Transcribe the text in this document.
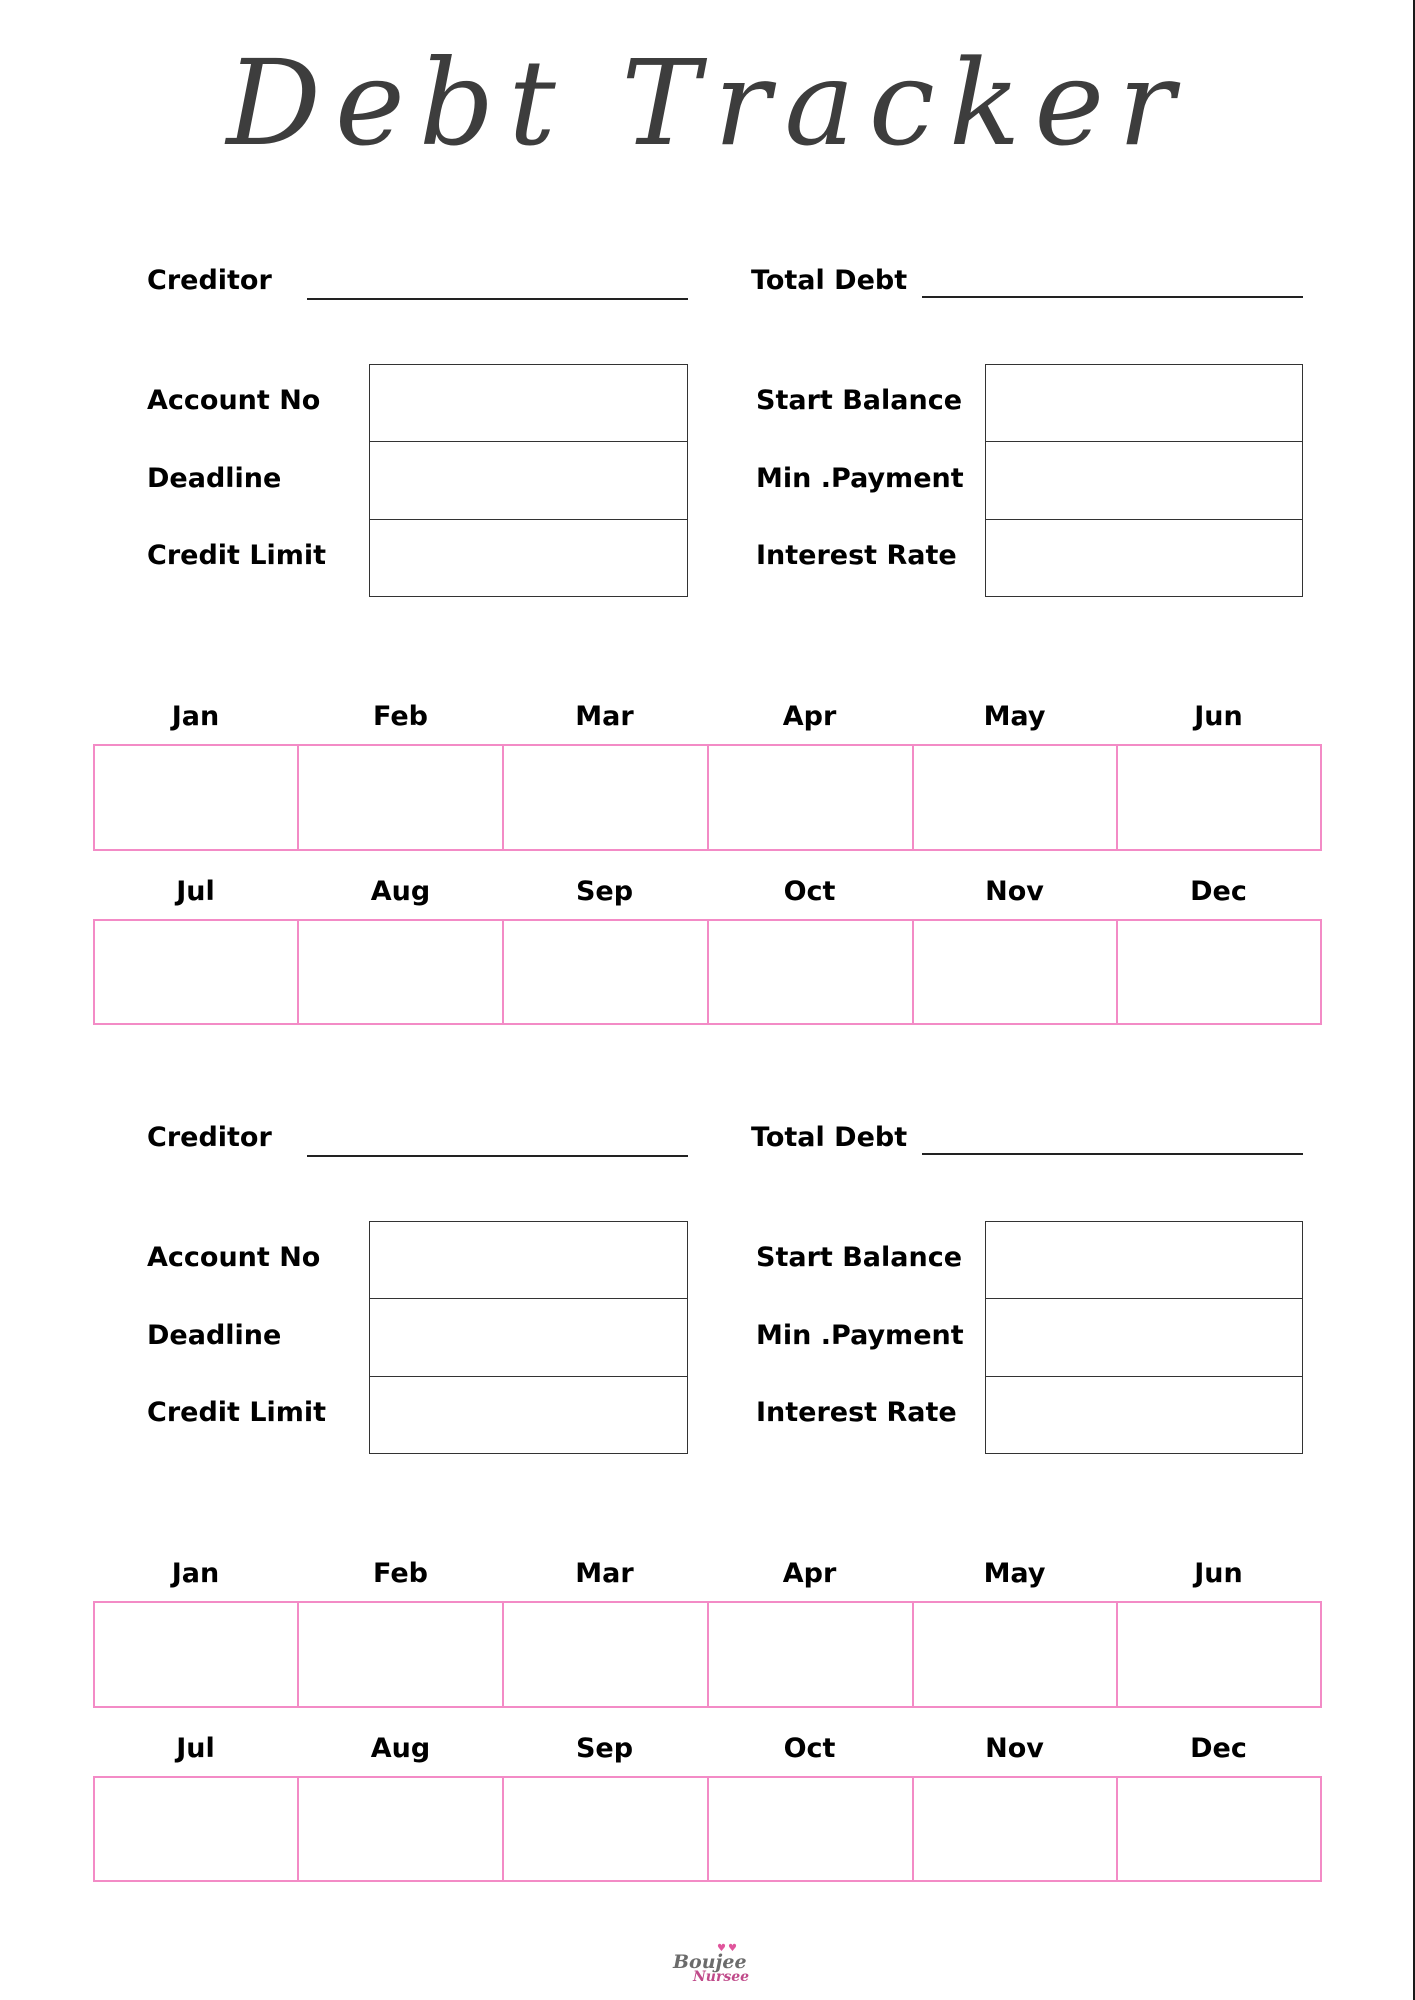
Debt Tracker
Creditor	Total Debt
Account No
Deadline
Credit Limit
Start Balance
Min .Payment
Interest Rate
Jan	Feb	Mar	Apr	May	Jun
Jul	Aug	Sep	Oct	Nov	Dec
Creditor	Total Debt
Account No
Deadline
Credit Limit
Start Balance
Min .Payment
Interest Rate
Jan	Feb	Mar	Apr	May	Jun
Jul	Aug	Sep	Oct	Nov	Dec
♥♥
Boujee
Nursee
